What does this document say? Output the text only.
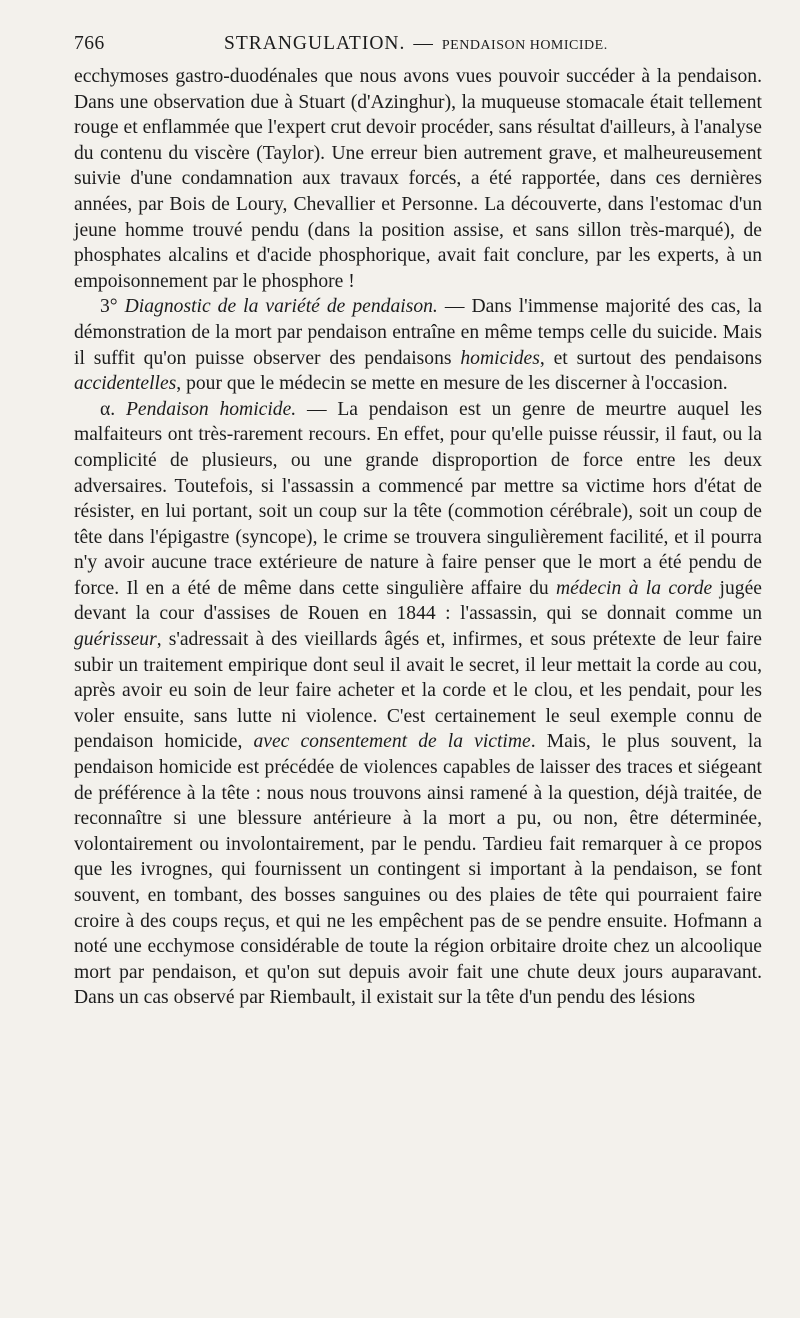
766	STRANGULATION. — PENDAISON HOMICIDE.

ecchymoses gastro-duodénales que nous avons vues pouvoir succéder à la pendaison. Dans une observation due à Stuart (d'Azinghur), la muqueuse stomacale était tellement rouge et enflammée que l'expert crut devoir procéder, sans résultat d'ailleurs, à l'analyse du contenu du viscère (Taylor). Une erreur bien autrement grave, et malheureusement suivie d'une condamnation aux travaux forcés, a été rapportée, dans ces dernières années, par Bois de Loury, Chevallier et Personne. La découverte, dans l'estomac d'un jeune homme trouvé pendu (dans la position assise, et sans sillon très-marqué), de phosphates alcalins et d'acide phosphorique, avait fait conclure, par les experts, à un empoisonnement par le phosphore !

3° Diagnostic de la variété de pendaison. — Dans l'immense majorité des cas, la démonstration de la mort par pendaison entraîne en même temps celle du suicide. Mais il suffit qu'on puisse observer des pendaisons homicides, et surtout des pendaisons accidentelles, pour que le médecin se mette en mesure de les discerner à l'occasion.

α. Pendaison homicide. — La pendaison est un genre de meurtre auquel les malfaiteurs ont très-rarement recours. En effet, pour qu'elle puisse réussir, il faut, ou la complicité de plusieurs, ou une grande disproportion de force entre les deux adversaires. Toutefois, si l'assassin a commencé par mettre sa victime hors d'état de résister, en lui portant, soit un coup sur la tête (commotion cérébrale), soit un coup de tête dans l'épigastre (syncope), le crime se trouvera singulièrement facilité, et il pourra n'y avoir aucune trace extérieure de nature à faire penser que le mort a été pendu de force. Il en a été de même dans cette singulière affaire du médecin à la corde jugée devant la cour d'assises de Rouen en 1844 : l'assassin, qui se donnait comme un guérisseur, s'adressait à des vieillards âgés et, infirmes, et sous prétexte de leur faire subir un traitement empirique dont seul il avait le secret, il leur mettait la corde au cou, après avoir eu soin de leur faire acheter et la corde et le clou, et les pendait, pour les voler ensuite, sans lutte ni violence. C'est certainement le seul exemple connu de pendaison homicide, avec consentement de la victime. Mais, le plus souvent, la pendaison homicide est précédée de violences capables de laisser des traces et siégeant de préférence à la tête : nous nous trouvons ainsi ramené à la question, déjà traitée, de reconnaître si une blessure antérieure à la mort a pu, ou non, être déterminée, volontairement ou involontairement, par le pendu. Tardieu fait remarquer à ce propos que les ivrognes, qui fournissent un contingent si important à la pendaison, se font souvent, en tombant, des bosses sanguines ou des plaies de tête qui pourraient faire croire à des coups reçus, et qui ne les empêchent pas de se pendre ensuite. Hofmann a noté une ecchymose considérable de toute la région orbitaire droite chez un alcoolique mort par pendaison, et qu'on sut depuis avoir fait une chute deux jours auparavant. Dans un cas observé par Riembault, il existait sur la tête d'un pendu des lésions
